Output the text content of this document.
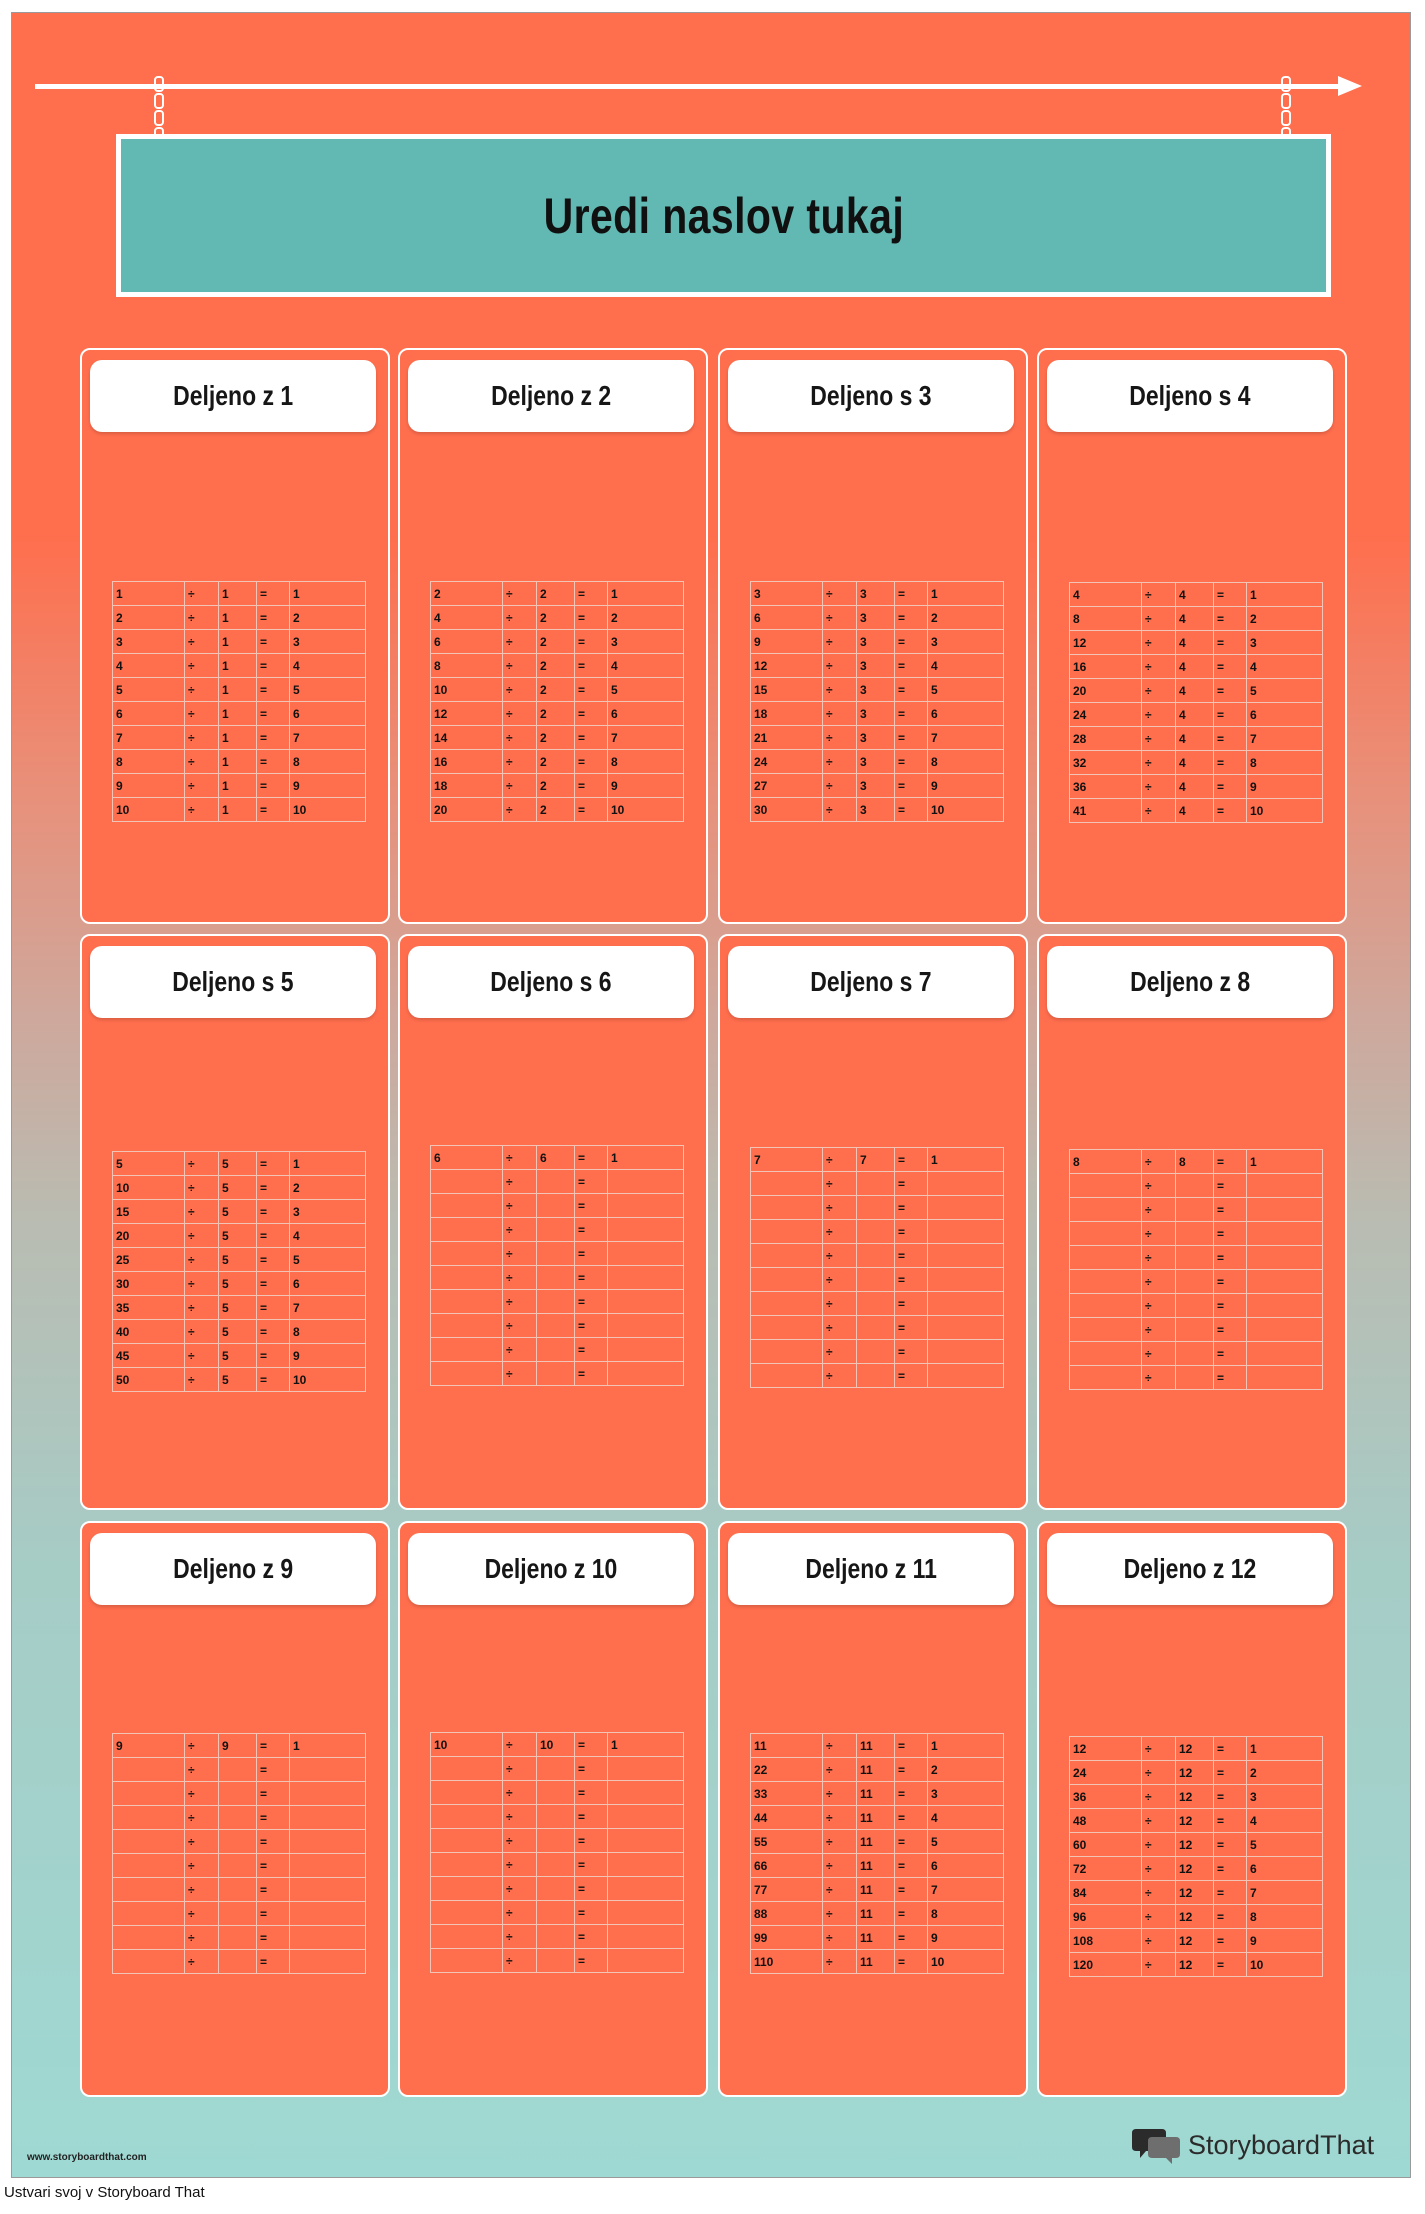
Uredi naslov tukaj
Deljeno z 1
1	÷	1	=	1
2	÷	1	=	2
3	÷	1	=	3
4	÷	1	=	4
5	÷	1	=	5
6	÷	1	=	6
7	÷	1	=	7
8	÷	1	=	8
9	÷	1	=	9
10	÷	1	=	10
Deljeno z 2
2	÷	2	=	1
4	÷	2	=	2
6	÷	2	=	3
8	÷	2	=	4
10	÷	2	=	5
12	÷	2	=	6
14	÷	2	=	7
16	÷	2	=	8
18	÷	2	=	9
20	÷	2	=	10
Deljeno s 3
3	÷	3	=	1
6	÷	3	=	2
9	÷	3	=	3
12	÷	3	=	4
15	÷	3	=	5
18	÷	3	=	6
21	÷	3	=	7
24	÷	3	=	8
27	÷	3	=	9
30	÷	3	=	10
Deljeno s 4
4	÷	4	=	1
8	÷	4	=	2
12	÷	4	=	3
16	÷	4	=	4
20	÷	4	=	5
24	÷	4	=	6
28	÷	4	=	7
32	÷	4	=	8
36	÷	4	=	9
41	÷	4	=	10
Deljeno s 5
5	÷	5	=	1
10	÷	5	=	2
15	÷	5	=	3
20	÷	5	=	4
25	÷	5	=	5
30	÷	5	=	6
35	÷	5	=	7
40	÷	5	=	8
45	÷	5	=	9
50	÷	5	=	10
Deljeno s 6
6	÷	6	=	1
	÷		=	
	÷		=	
	÷		=	
	÷		=	
	÷		=	
	÷		=	
	÷		=	
	÷		=	
	÷		=	
Deljeno s 7
7	÷	7	=	1
	÷		=	
	÷		=	
	÷		=	
	÷		=	
	÷		=	
	÷		=	
	÷		=	
	÷		=	
	÷		=	
Deljeno z 8
8	÷	8	=	1
	÷		=	
	÷		=	
	÷		=	
	÷		=	
	÷		=	
	÷		=	
	÷		=	
	÷		=	
	÷		=	
Deljeno z 9
9	÷	9	=	1
	÷		=	
	÷		=	
	÷		=	
	÷		=	
	÷		=	
	÷		=	
	÷		=	
	÷		=	
	÷		=	
Deljeno z 10
10	÷	10	=	1
	÷		=	
	÷		=	
	÷		=	
	÷		=	
	÷		=	
	÷		=	
	÷		=	
	÷		=	
	÷		=	
Deljeno z 11
11	÷	11	=	1
22	÷	11	=	2
33	÷	11	=	3
44	÷	11	=	4
55	÷	11	=	5
66	÷	11	=	6
77	÷	11	=	7
88	÷	11	=	8
99	÷	11	=	9
110	÷	11	=	10
Deljeno z 12
12	÷	12	=	1
24	÷	12	=	2
36	÷	12	=	3
48	÷	12	=	4
60	÷	12	=	5
72	÷	12	=	6
84	÷	12	=	7
96	÷	12	=	8
108	÷	12	=	9
120	÷	12	=	10
www.storyboardthat.com	StoryboardThat
Ustvari svoj v Storyboard That
